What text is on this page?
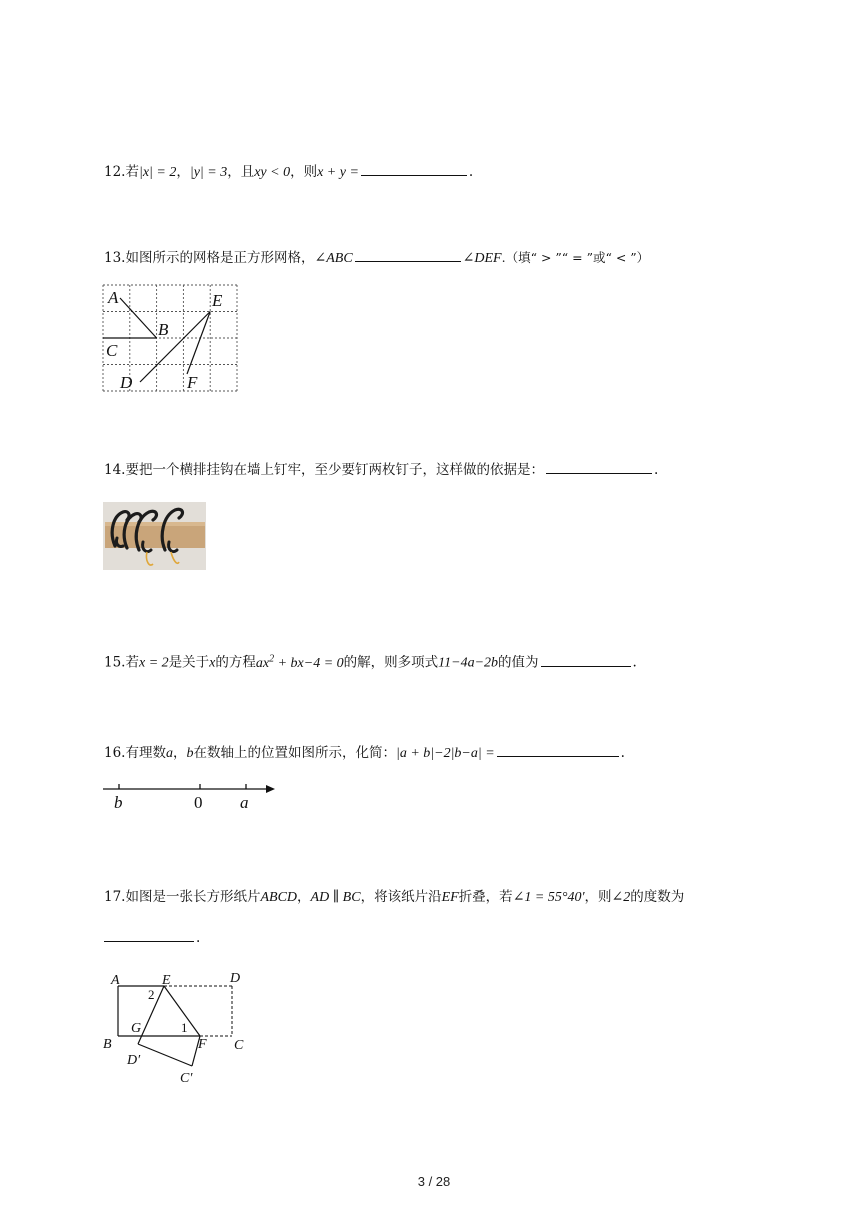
12.若|x| = 2，|y| = 3，且xy < 0，则x + y =	.
13.如图所示的网格是正方形网格，∠ABC	∠DEF.（填“ > ”“ = ”或“ < ”）
A
B
C
D
E
F
14.要把一个横排挂钩在墙上钉牢，至少要钉两枚钉子，这样做的依据是：	.
15.若x = 2是关于x的方程$ax^2 + bx-4 = 0$的解，则多项式11−4a−2b的值为	.
16.有理数a，b在数轴上的位置如图所示，化简：|a + b|−2|b−a| =	.
b	0 a
17.如图是一张长方形纸片ABCD，AD ∥ BC，将该纸片沿EF折叠，若∠1 = 55°40′，则∠2的度数为
.
A	E	D
B
G
F C
D′
C′
1
2
3 / 28
